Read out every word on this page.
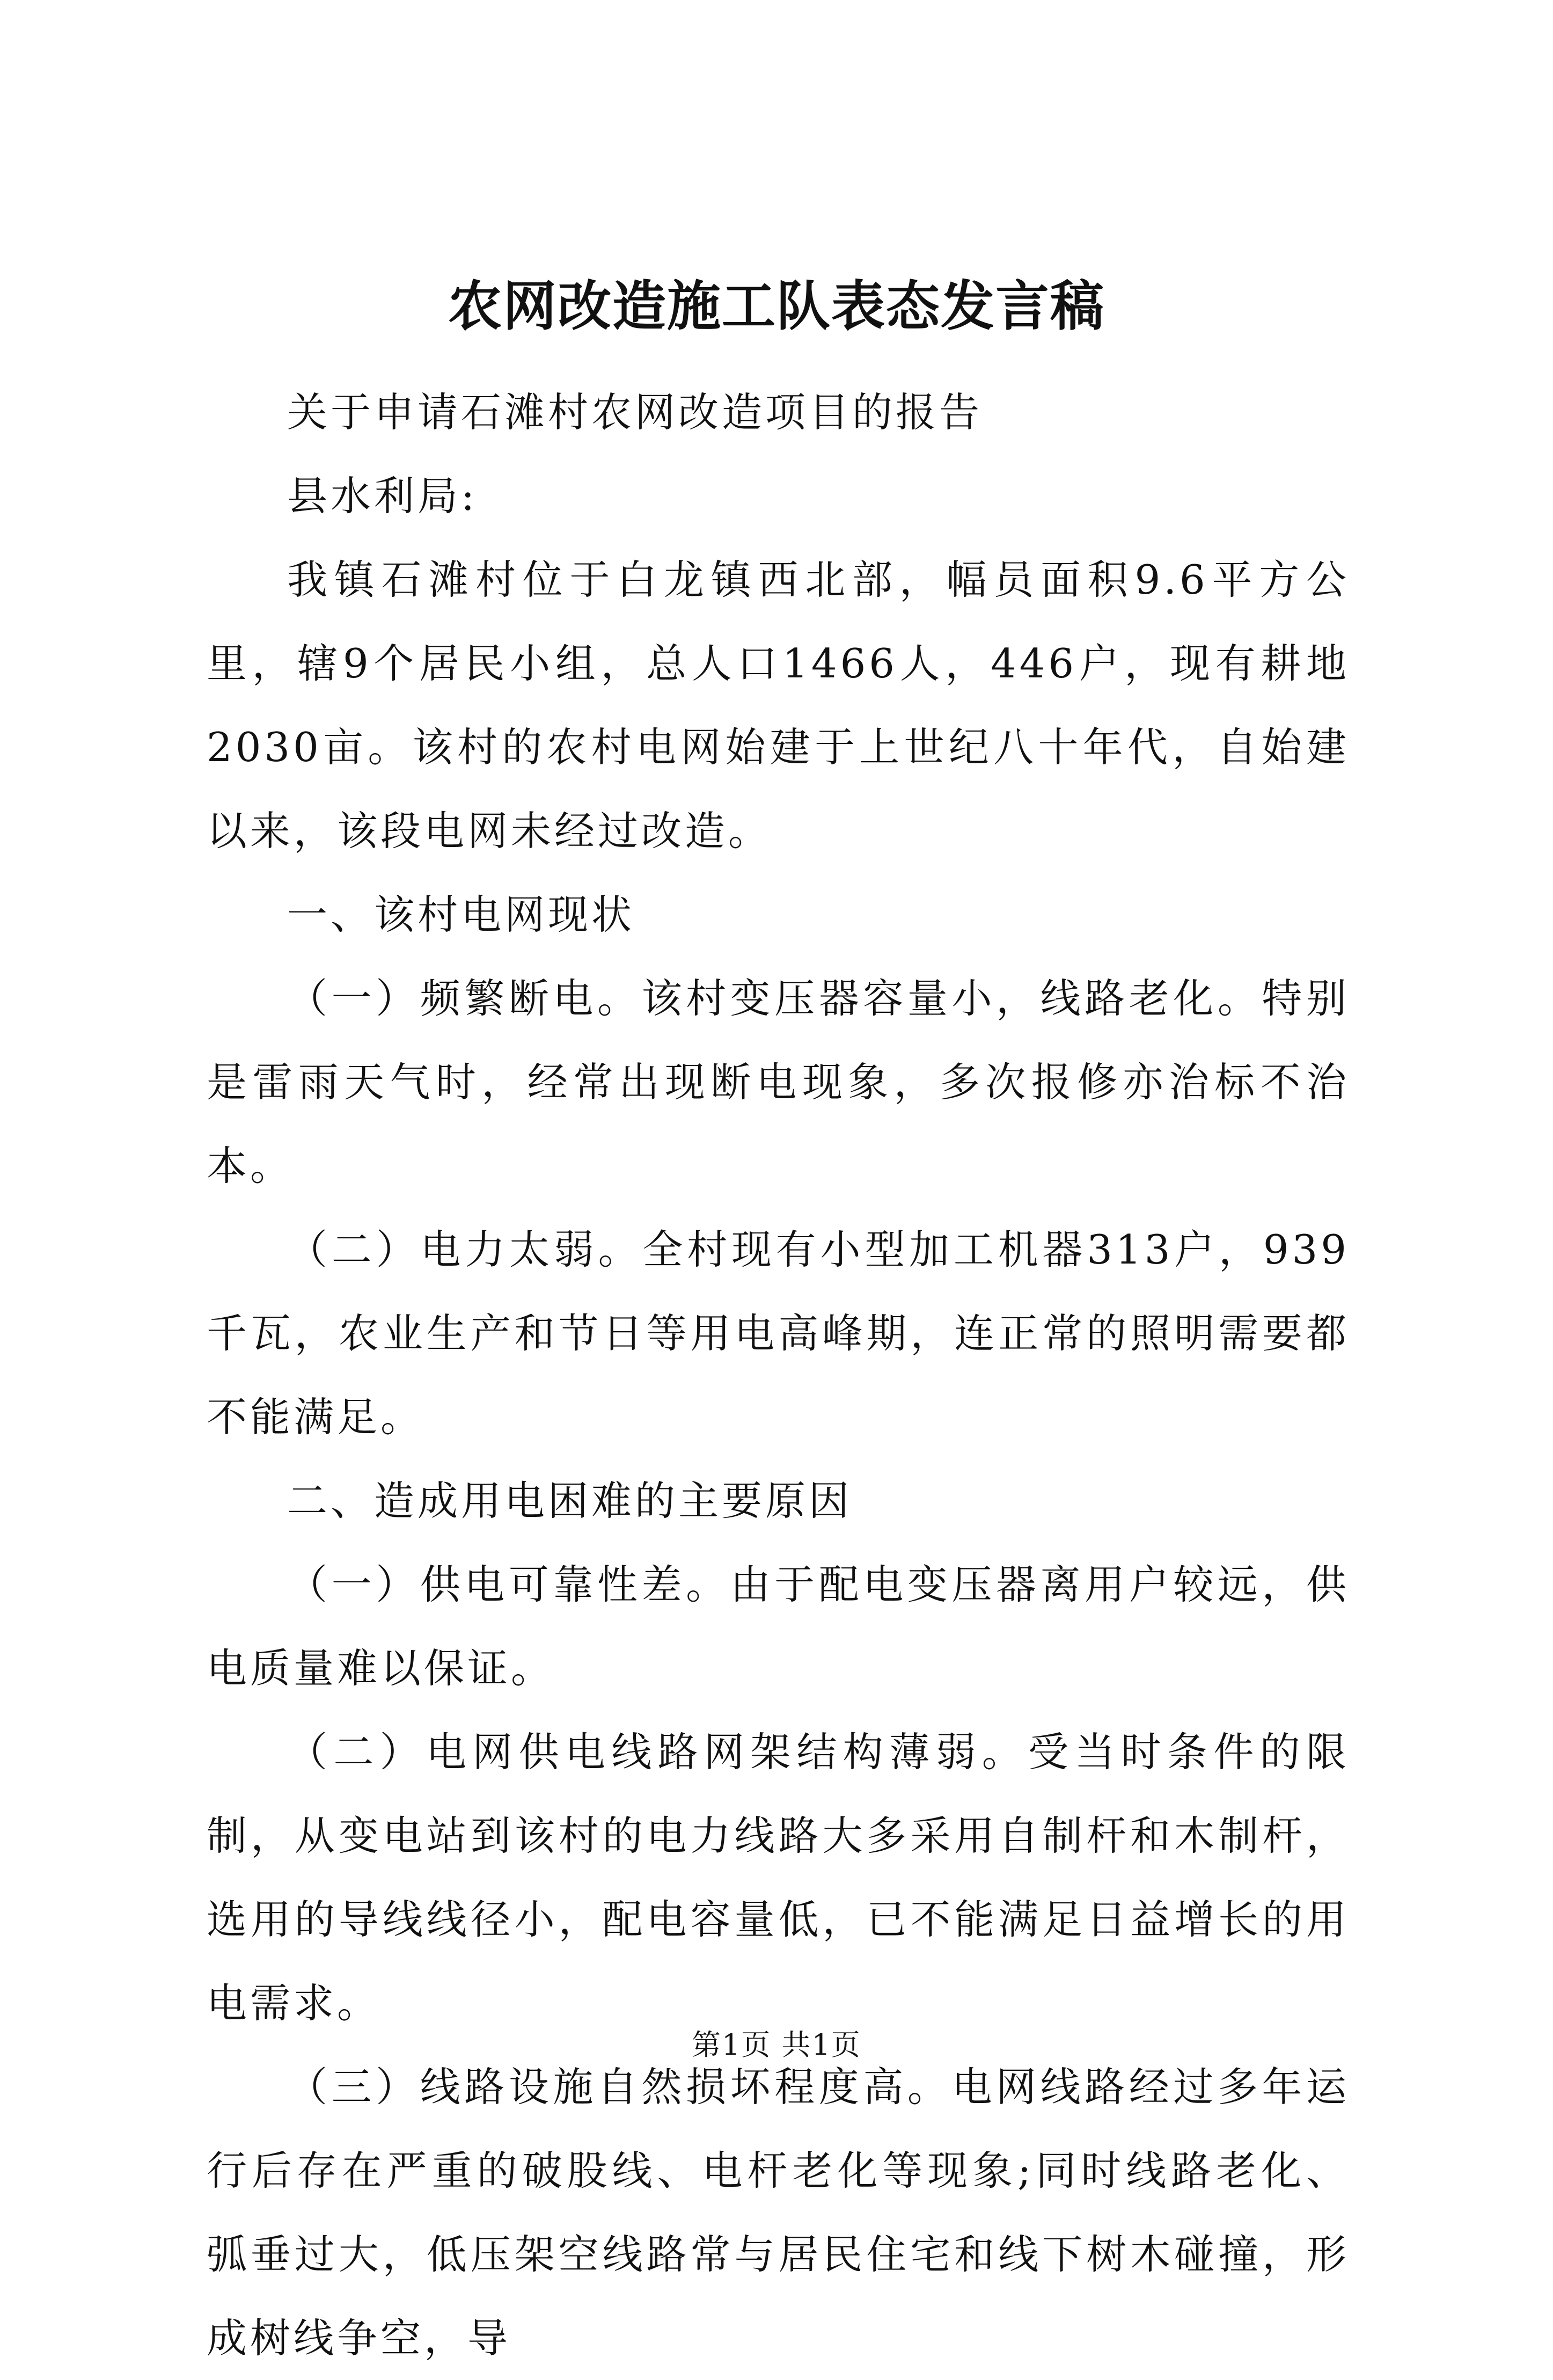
农网改造施工队表态发言稿

关于申请石滩村农网改造项目的报告

县水利局:

我镇石滩村位于白龙镇西北部，幅员面积9.6平方公里，辖9个居民小组，总人口1466人，446户，现有耕地2030亩。该村的农村电网始建于上世纪八十年代，自始建以来，该段电网未经过改造。

一、该村电网现状

（一）频繁断电。该村变压器容量小，线路老化。特别是雷雨天气时，经常出现断电现象，多次报修亦治标不治本。

（二）电力太弱。全村现有小型加工机器313户，939千瓦，农业生产和节日等用电高峰期，连正常的照明需要都不能满足。

二、造成用电困难的主要原因

（一）供电可靠性差。由于配电变压器离用户较远，供电质量难以保证。

（二）电网供电线路网架结构薄弱。受当时条件的限制，从变电站到该村的电力线路大多采用自制杆和木制杆，选用的导线线径小，配电容量低，已不能满足日益增长的用电需求。

（三）线路设施自然损坏程度高。电网线路经过多年运行后存在严重的破股线、电杆老化等现象;同时线路老化、弧垂过大，低压架空线路常与居民住宅和线下树木碰撞，形成树线争空，导

第1页 共1页
